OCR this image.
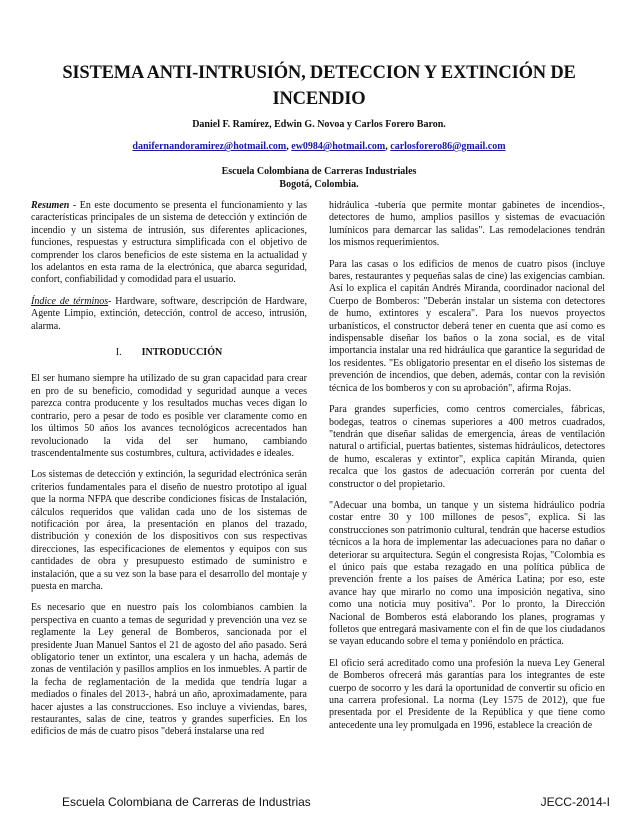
SISTEMA ANTI-INTRUSIÓN, DETECCION Y EXTINCIÓN DE INCENDIO
Daniel F. Ramírez, Edwin G. Novoa y Carlos Forero Baron.
danifernandoramirez@hotmail.com, ew0984@hotmail.com, carlosforero86@gmail.com
Escuela Colombiana de Carreras Industriales
Bogotá, Colombia.

Resumen - En este documento se presenta el funcionamiento y las características principales de un sistema de detección y extinción de incendio y un sistema de intrusión, sus diferentes aplicaciones, funciones, respuestas y estructura simplificada con el objetivo de comprender los claros beneficios de este sistema en la actualidad y los adelantos en esta rama de la electrónica, que abarca seguridad, confort, confiabilidad y comodidad para el usuario.

Índice de términos- Hardware, software, descripción de Hardware, Agente Limpio, extinción, detección, control de acceso, intrusión, alarma.

I. INTRODUCCIÓN

El ser humano siempre ha utilizado de su gran capacidad para crear en pro de su beneficio, comodidad y seguridad aunque a veces parezca contra producente y los resultados muchas veces digan lo contrario, pero a pesar de todo es posible ver claramente como en los últimos 50 años los avances tecnológicos acrecentados han revolucionado la vida del ser humano, cambiando trascendentalmente sus costumbres, cultura, actividades e ideales.

Los sistemas de detección y extinción, la seguridad electrónica serán criterios fundamentales para el diseño de nuestro prototipo al igual que la norma NFPA que describe condiciones físicas de Instalación, cálculos requeridos que validan cada uno de los sistemas de notificación por área, la presentación en planos del trazado, distribución y conexión de los dispositivos con sus respectivas direcciones, las especificaciones de elementos y equipos con sus cantidades de obra y presupuesto estimado de suministro e instalación, que a su vez son la base para el desarrollo del montaje y puesta en marcha.

Es necesario que en nuestro país los colombianos cambien la perspectiva en cuanto a temas de seguridad y prevención una vez se reglamente la Ley general de Bomberos, sancionada por el presidente Juan Manuel Santos el 21 de agosto del año pasado. Será obligatorio tener un extintor, una escalera y un hacha, además de zonas de ventilación y pasillos amplios en los inmuebles. A partir de la fecha de reglamentación de la medida que tendría lugar a mediados o finales del 2013-, habrá un año, aproximadamente, para hacer ajustes a las construcciones. Eso incluye a viviendas, bares, restaurantes, salas de cine, teatros y grandes superficies. En los edificios de más de cuatro pisos "deberá instalarse una red

hidráulica -tubería que permite montar gabinetes de incendios-, detectores de humo, amplios pasillos y sistemas de evacuación lumínicos para demarcar las salidas". Las remodelaciones tendrán los mismos requerimientos.

Para las casas o los edificios de menos de cuatro pisos (incluye bares, restaurantes y pequeñas salas de cine) las exigencias cambian. Así lo explica el capitán Andrés Miranda, coordinador nacional del Cuerpo de Bomberos: "Deberán instalar un sistema con detectores de humo, extintores y escalera". Para los nuevos proyectos urbanísticos, el constructor deberá tener en cuenta que así como es indispensable diseñar los baños o la zona social, es de vital importancia instalar una red hidráulica que garantice la seguridad de los residentes. "Es obligatorio presentar en el diseño los sistemas de prevención de incendios, que deben, además, contar con la revisión técnica de los bomberos y con su aprobación", afirma Rojas.

Para grandes superficies, como centros comerciales, fábricas, bodegas, teatros o cinemas superiores a 400 metros cuadrados, "tendrán que diseñar salidas de emergencia, áreas de ventilación natural o artificial, puertas batientes, sistemas hidráulicos, detectores de humo, escaleras y extintor", explica capitán Miranda, quien recalca que los gastos de adecuación correrán por cuenta del constructor o del propietario.

"Adecuar una bomba, un tanque y un sistema hidráulico podría costar entre 30 y 100 millones de pesos", explica. Si las construcciones son patrimonio cultural, tendrán que hacerse estudios técnicos a la hora de implementar las adecuaciones para no dañar o deteriorar su arquitectura. Según el congresista Rojas, "Colombia es el único país que estaba rezagado en una política pública de prevención frente a los países de América Latina; por eso, este avance hay que mirarlo no como una imposición negativa, sino como una noticia muy positiva". Por lo pronto, la Dirección Nacional de Bomberos está elaborando los planes, programas y folletos que entregará masivamente con el fin de que los ciudadanos se vayan educando sobre el tema y poniéndolo en práctica.

El oficio será acreditado como una profesión la nueva Ley General de Bomberos ofrecerá más garantías para los integrantes de este cuerpo de socorro y les dará la oportunidad de convertir su oficio en una carrera profesional. La norma (Ley 1575 de 2012), que fue presentada por el Presidente de la República y que tiene como antecedente una ley promulgada en 1996, establece la creación de

Escuela Colombiana de Carreras de Industrias	JECC-2014-I
